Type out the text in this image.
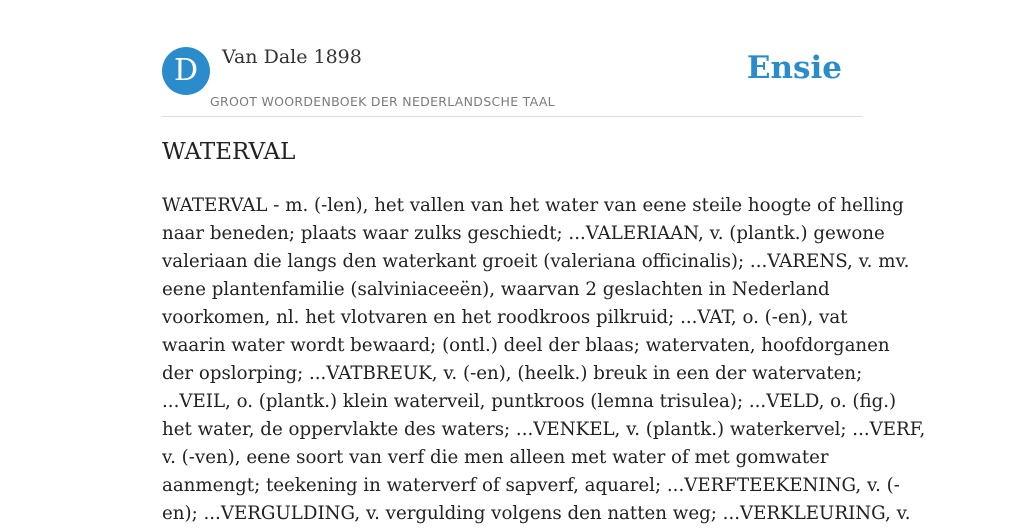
D	Van Dale 1898
GROOT WOORDENBOEK DER NEDERLANDSCHE TAAL
Ensie
WATERVAL
WATERVAL - m. (-len), het vallen van het water van eene steile hoogte of helling
naar beneden; plaats waar zulks geschiedt; ...VALERIAAN, v. (plantk.) gewone
valeriaan die langs den waterkant groeit (valeriana officinalis); ...VARENS, v. mv.
eene plantenfamilie (salviniaceeën), waarvan 2 geslachten in Nederland
voorkomen, nl. het vlotvaren en het roodkroos pilkruid; ...VAT, o. (-en), vat
waarin water wordt bewaard; (ontl.) deel der blaas; watervaten, hoofdorganen
der opslorping; ...VATBREUK, v. (-en), (heelk.) breuk in een der watervaten;
...VEIL, o. (plantk.) klein waterveil, puntkroos (lemna trisulea); ...VELD, o. (fig.)
het water, de oppervlakte des waters; ...VENKEL, v. (plantk.) waterkervel; ...VERF,
v. (-ven), eene soort van verf die men alleen met water of met gomwater
aanmengt; teekening in waterverf of sapverf, aquarel; ...VERFTEEKENING, v. (-
en); ...VERGULDING, v. vergulding volgens den natten weg; ...VERKLEURING, v.
